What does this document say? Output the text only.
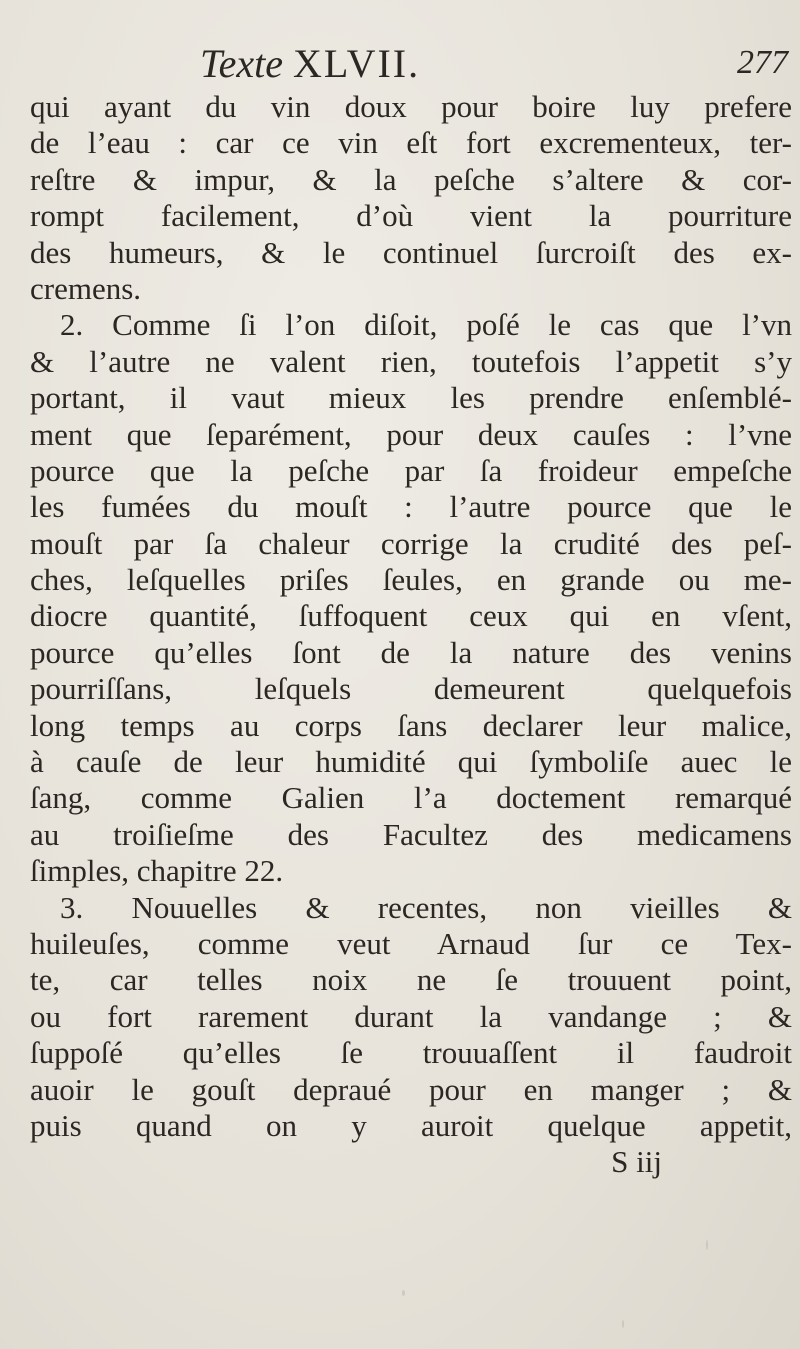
Texte XLVII.	277
qui ayant du vin doux pour boire luy prefere
de l’eau : car ce vin eſt fort excrementeux, ter-
reſtre & impur, & la peſche s’altere & cor-
rompt facilement, d’où vient la pourriture
des humeurs, & le continuel ſurcroiſt des ex-
cremens.
2. Comme ſi l’on diſoit, poſé le cas que l’vn
& l’autre ne valent rien, toutefois l’appetit s’y
portant, il vaut mieux les prendre enſemblé-
ment que ſeparément, pour deux cauſes : l’vne
pource que la peſche par ſa froideur empeſche
les fumées du mouſt : l’autre pource que le
mouſt par ſa chaleur corrige la crudité des peſ-
ches, leſquelles priſes ſeules, en grande ou me-
diocre quantité, ſuffoquent ceux qui en vſent,
pource qu’elles ſont de la nature des venins
pourriſſans, leſquels demeurent quelquefois
long temps au corps ſans declarer leur malice,
à cauſe de leur humidité qui ſymboliſe auec le
ſang, comme Galien l’a doctement remarqué
au troiſieſme des Facultez des medicamens
ſimples, chapitre 22.
3. Nouuelles & recentes, non vieilles &
huileuſes, comme veut Arnaud ſur ce Tex-
te, car telles noix ne ſe trouuent point,
ou fort rarement durant la vandange ; &
ſuppoſé qu’elles ſe trouuaſſent il faudroit
auoir le gouſt depraué pour en manger ; &
puis quand on y auroit quelque appetit,
S iij
